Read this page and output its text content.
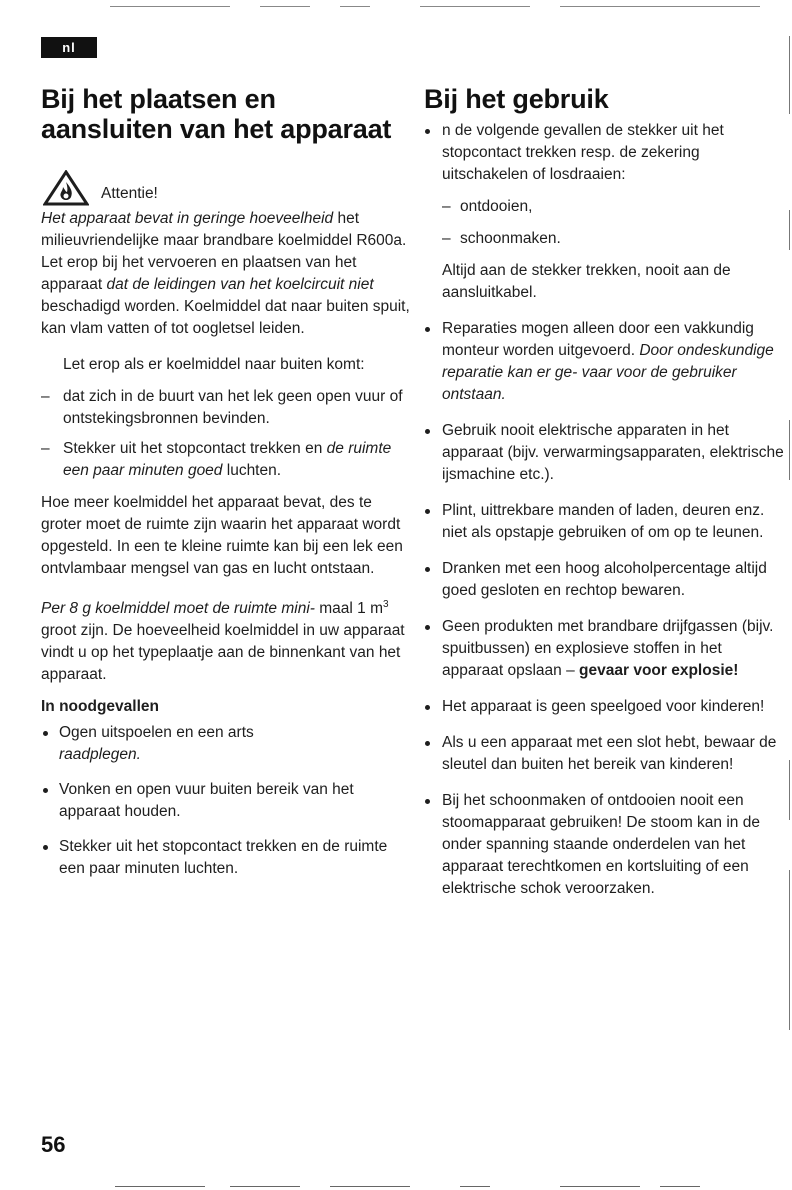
nl
Bij het plaatsen en
aansluiten van het apparaat
Attentie!

Het apparaat bevat in geringe hoeveelheid het milieuvriendelijke maar brandbare koelmiddel R600a. Let erop bij het vervoeren en plaatsen van het apparaat dat de leidingen van het koelcircuit niet beschadigd worden. Koelmiddel dat naar buiten spuit, kan vlam vatten of tot oogletsel leiden.

Let erop als er koelmiddel naar buiten komt:

– dat zich in de buurt van het lek geen open vuur of ontstekingsbronnen bevinden.

– Stekker uit het stopcontact trekken en de ruimte een paar minuten goed luchten.

Hoe meer koelmiddel het apparaat bevat, des te groter moet de ruimte zijn waarin het apparaat wordt opgesteld. In een te kleine ruimte kan bij een lek een ontvlambaar mengsel van gas en lucht ontstaan.

Per 8 g koelmiddel moet de ruimte mini- maal 1 $m^3$ groot zijn. De hoeveelheid koelmiddel in uw apparaat vindt u op het typeplaatje aan de binnenkant van het apparaat.

In noodgevallen

Ogen uitspoelen en een arts
raadplegen.

Vonken en open vuur buiten bereik van het apparaat houden.

Stekker uit het stopcontact trekken en de ruimte een paar minuten luchten.

Bij het gebruik

n de volgende gevallen de stekker uit het stopcontact trekken resp. de zekering uitschakelen of losdraaien:

– ontdooien,

– schoonmaken.

Altijd aan de stekker trekken, nooit aan de aansluitkabel.

Reparaties mogen alleen door een vakkundig monteur worden uitgevoerd. Door ondeskundige reparatie kan er ge- vaar voor de gebruiker ontstaan.

Gebruik nooit elektrische apparaten in het apparaat (bijv. verwarmingsapparaten, elektrische ijsmachine etc.).

Plint, uittrekbare manden of laden, deuren enz. niet als opstapje gebruiken of om op te leunen.

Dranken met een hoog alcoholpercentage altijd goed gesloten en rechtop bewaren.

Geen produkten met brandbare drijfgassen (bijv. spuitbussen) en explosieve stoffen in het apparaat opslaan – gevaar voor explosie!

Het apparaat is geen speelgoed voor kinderen!

Als u een apparaat met een slot hebt, bewaar de sleutel dan buiten het bereik van kinderen!

Bij het schoonmaken of ontdooien nooit een stoomapparaat gebruiken! De stoom kan in de onder spanning staande onderdelen van het apparaat terechtkomen en kortsluiting of een elektrische schok veroorzaken.

56
